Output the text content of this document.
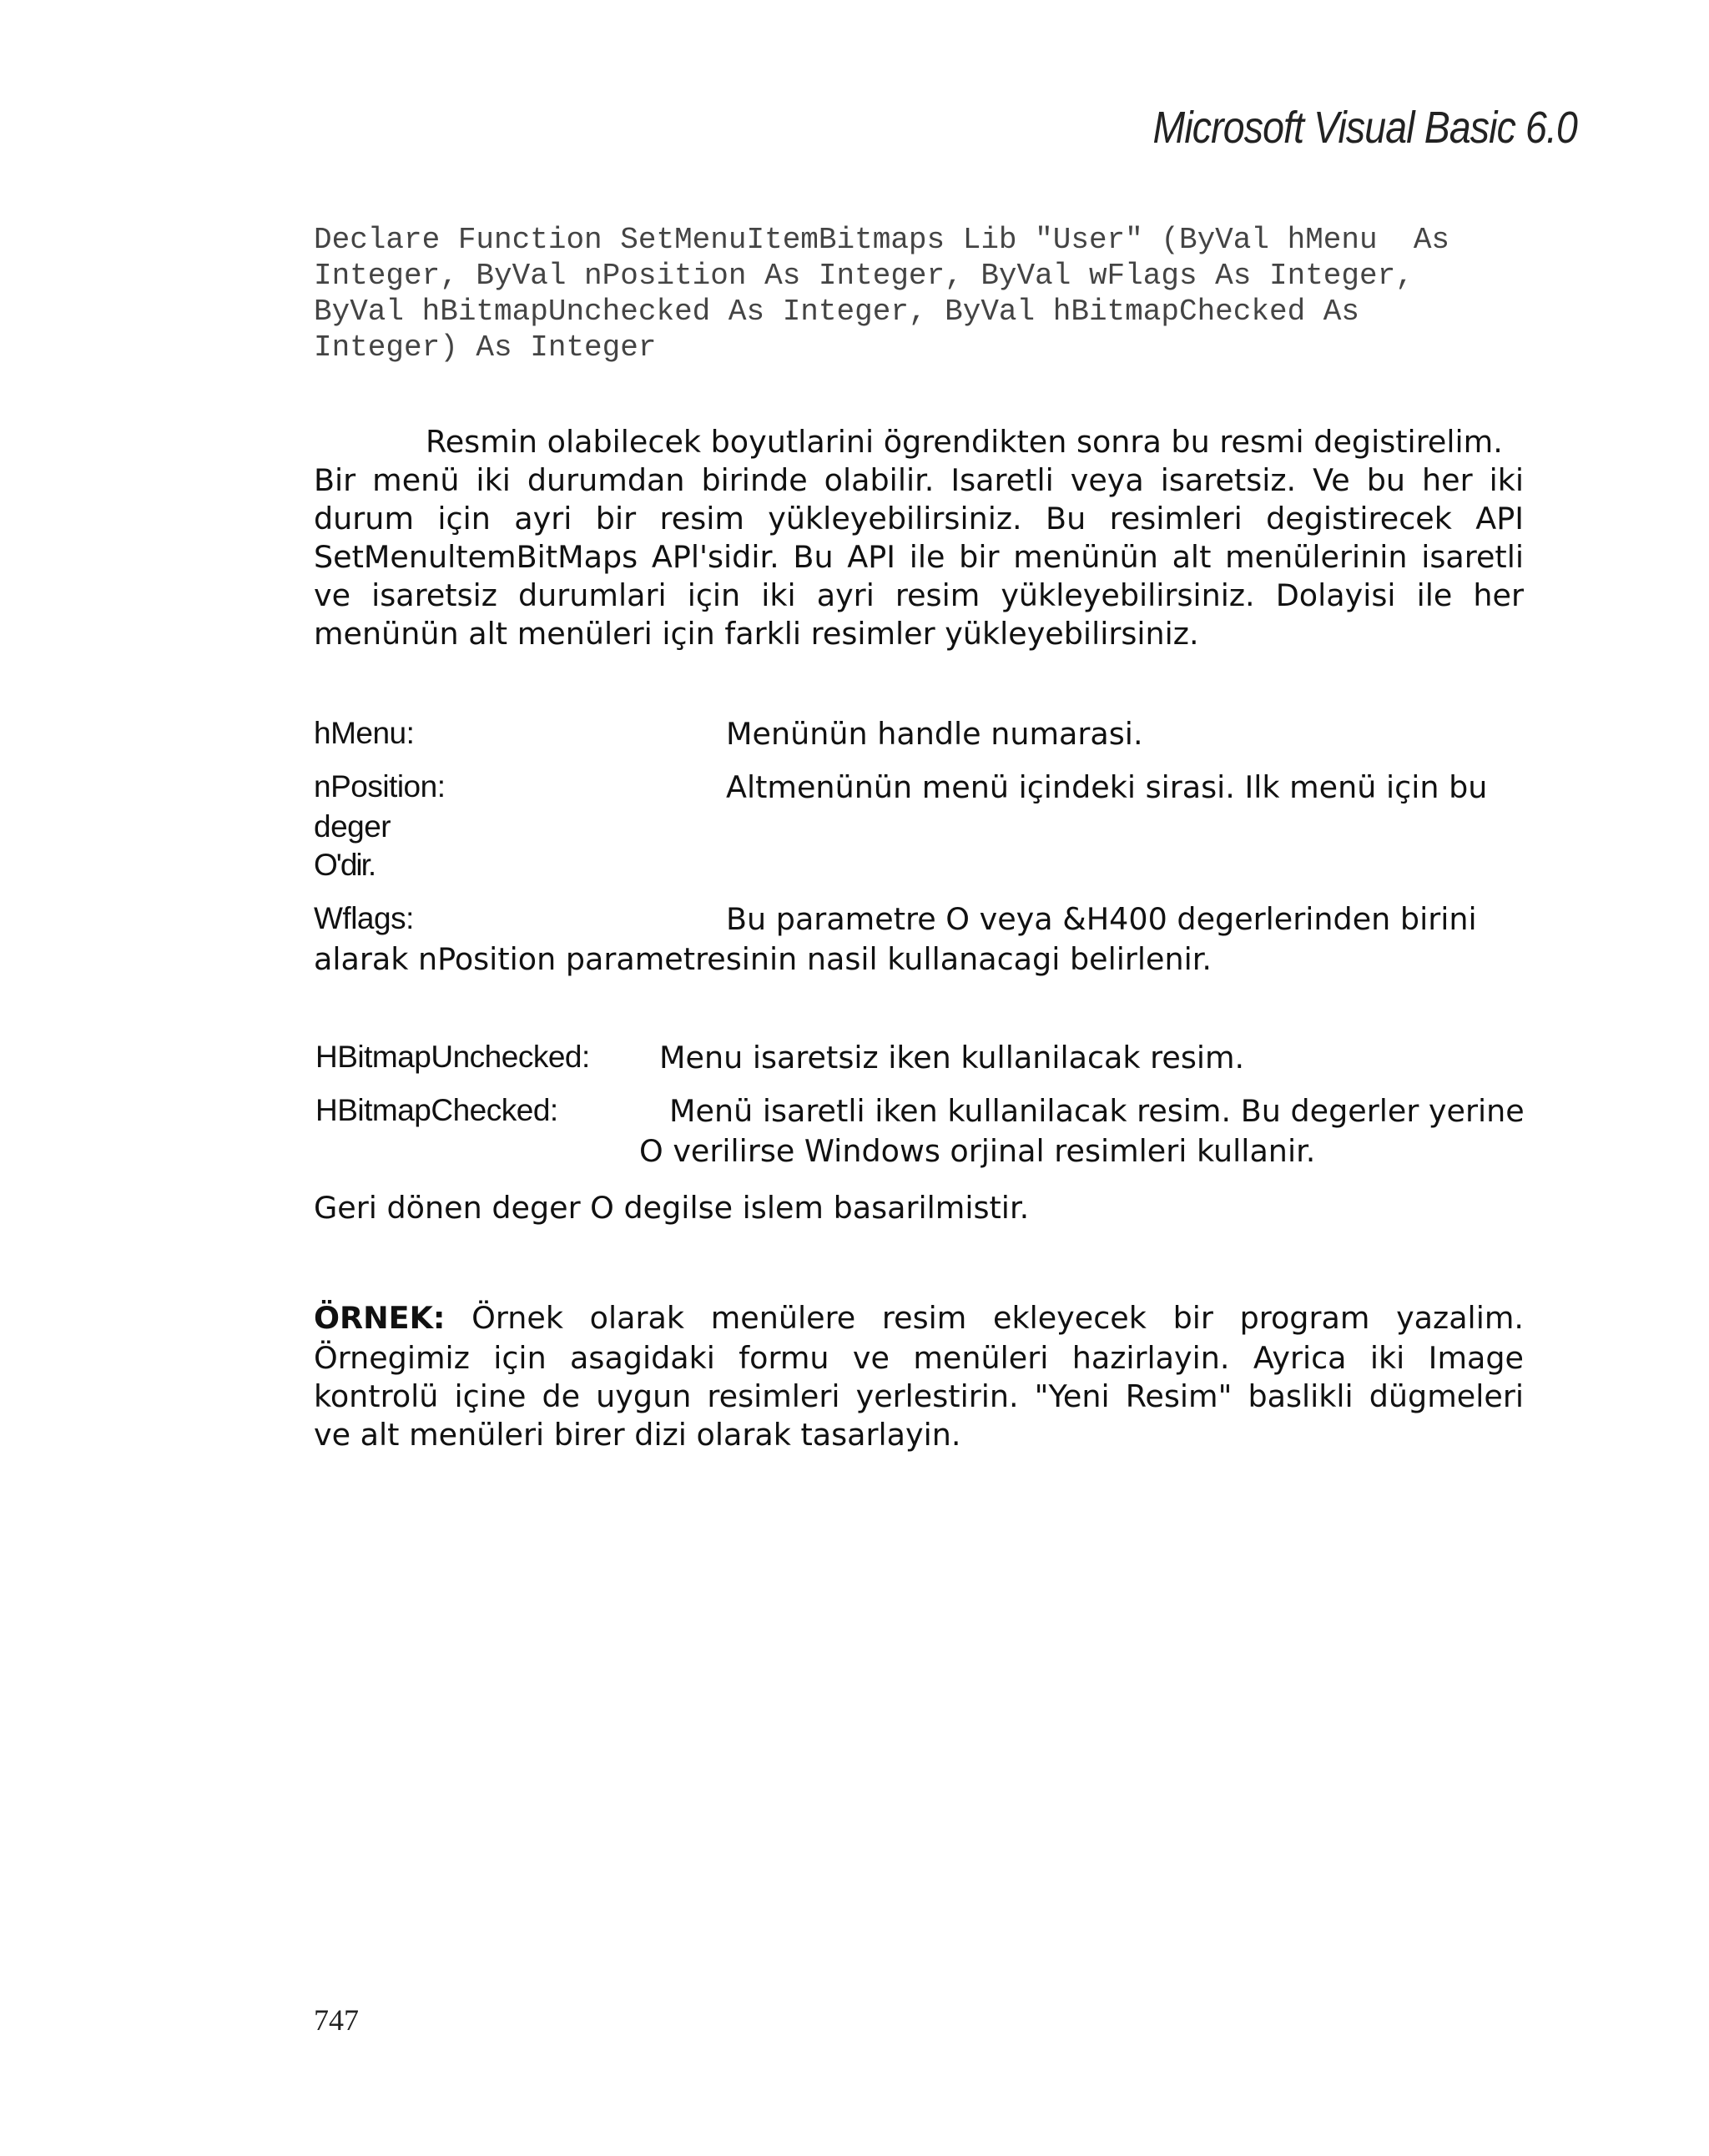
Microsoft Visual Basic 6.0
Declare Function SetMenuItemBitmaps Lib "User" (ByVal hMenu  As
Integer, ByVal nPosition As Integer, ByVal wFlags As Integer,
ByVal hBitmapUnchecked As Integer, ByVal hBitmapChecked As
Integer) As Integer
Resmin olabilecek boyutlarini ögrendikten sonra bu resmi degistirelim.
Bir menü iki durumdan birinde olabilir. Isaretli veya isaretsiz. Ve bu her iki
durum için ayri bir resim yükleyebilirsiniz. Bu resimleri degistirecek API
SetMenultemBitMaps APl'sidir. Bu API ile bir menünün alt menülerinin isaretli
ve isaretsiz durumlari için iki ayri resim yükleyebilirsiniz. Dolayisi ile her
menünün alt menüleri için farkli resimler yükleyebilirsiniz.
hMenu:	Menünün handle numarasi.
nPosition:	Altmenünün menü içindeki sirasi. Ilk menü için bu
deger
O'dir.
Wflags:	Bu parametre O veya &H400 degerlerinden birini
alarak nPosition parametresinin nasil kullanacagi belirlenir.
HBitmapUnchecked: Menu isaretsiz iken kullanilacak resim.
HBitmapChecked:	Menü isaretli iken kullanilacak resim. Bu degerler yerine
O verilirse Windows orjinal resimleri kullanir.
Geri dönen deger O degilse islem basarilmistir.
ÖRNEK: Örnek olarak menülere resim ekleyecek bir program yazalim.
Örnegimiz için asagidaki formu ve menüleri hazirlayin. Ayrica iki Image
kontrolü içine de uygun resimleri yerlestirin. "Yeni Resim" baslikli dügmeleri
ve alt menüleri birer dizi olarak tasarlayin.
747
